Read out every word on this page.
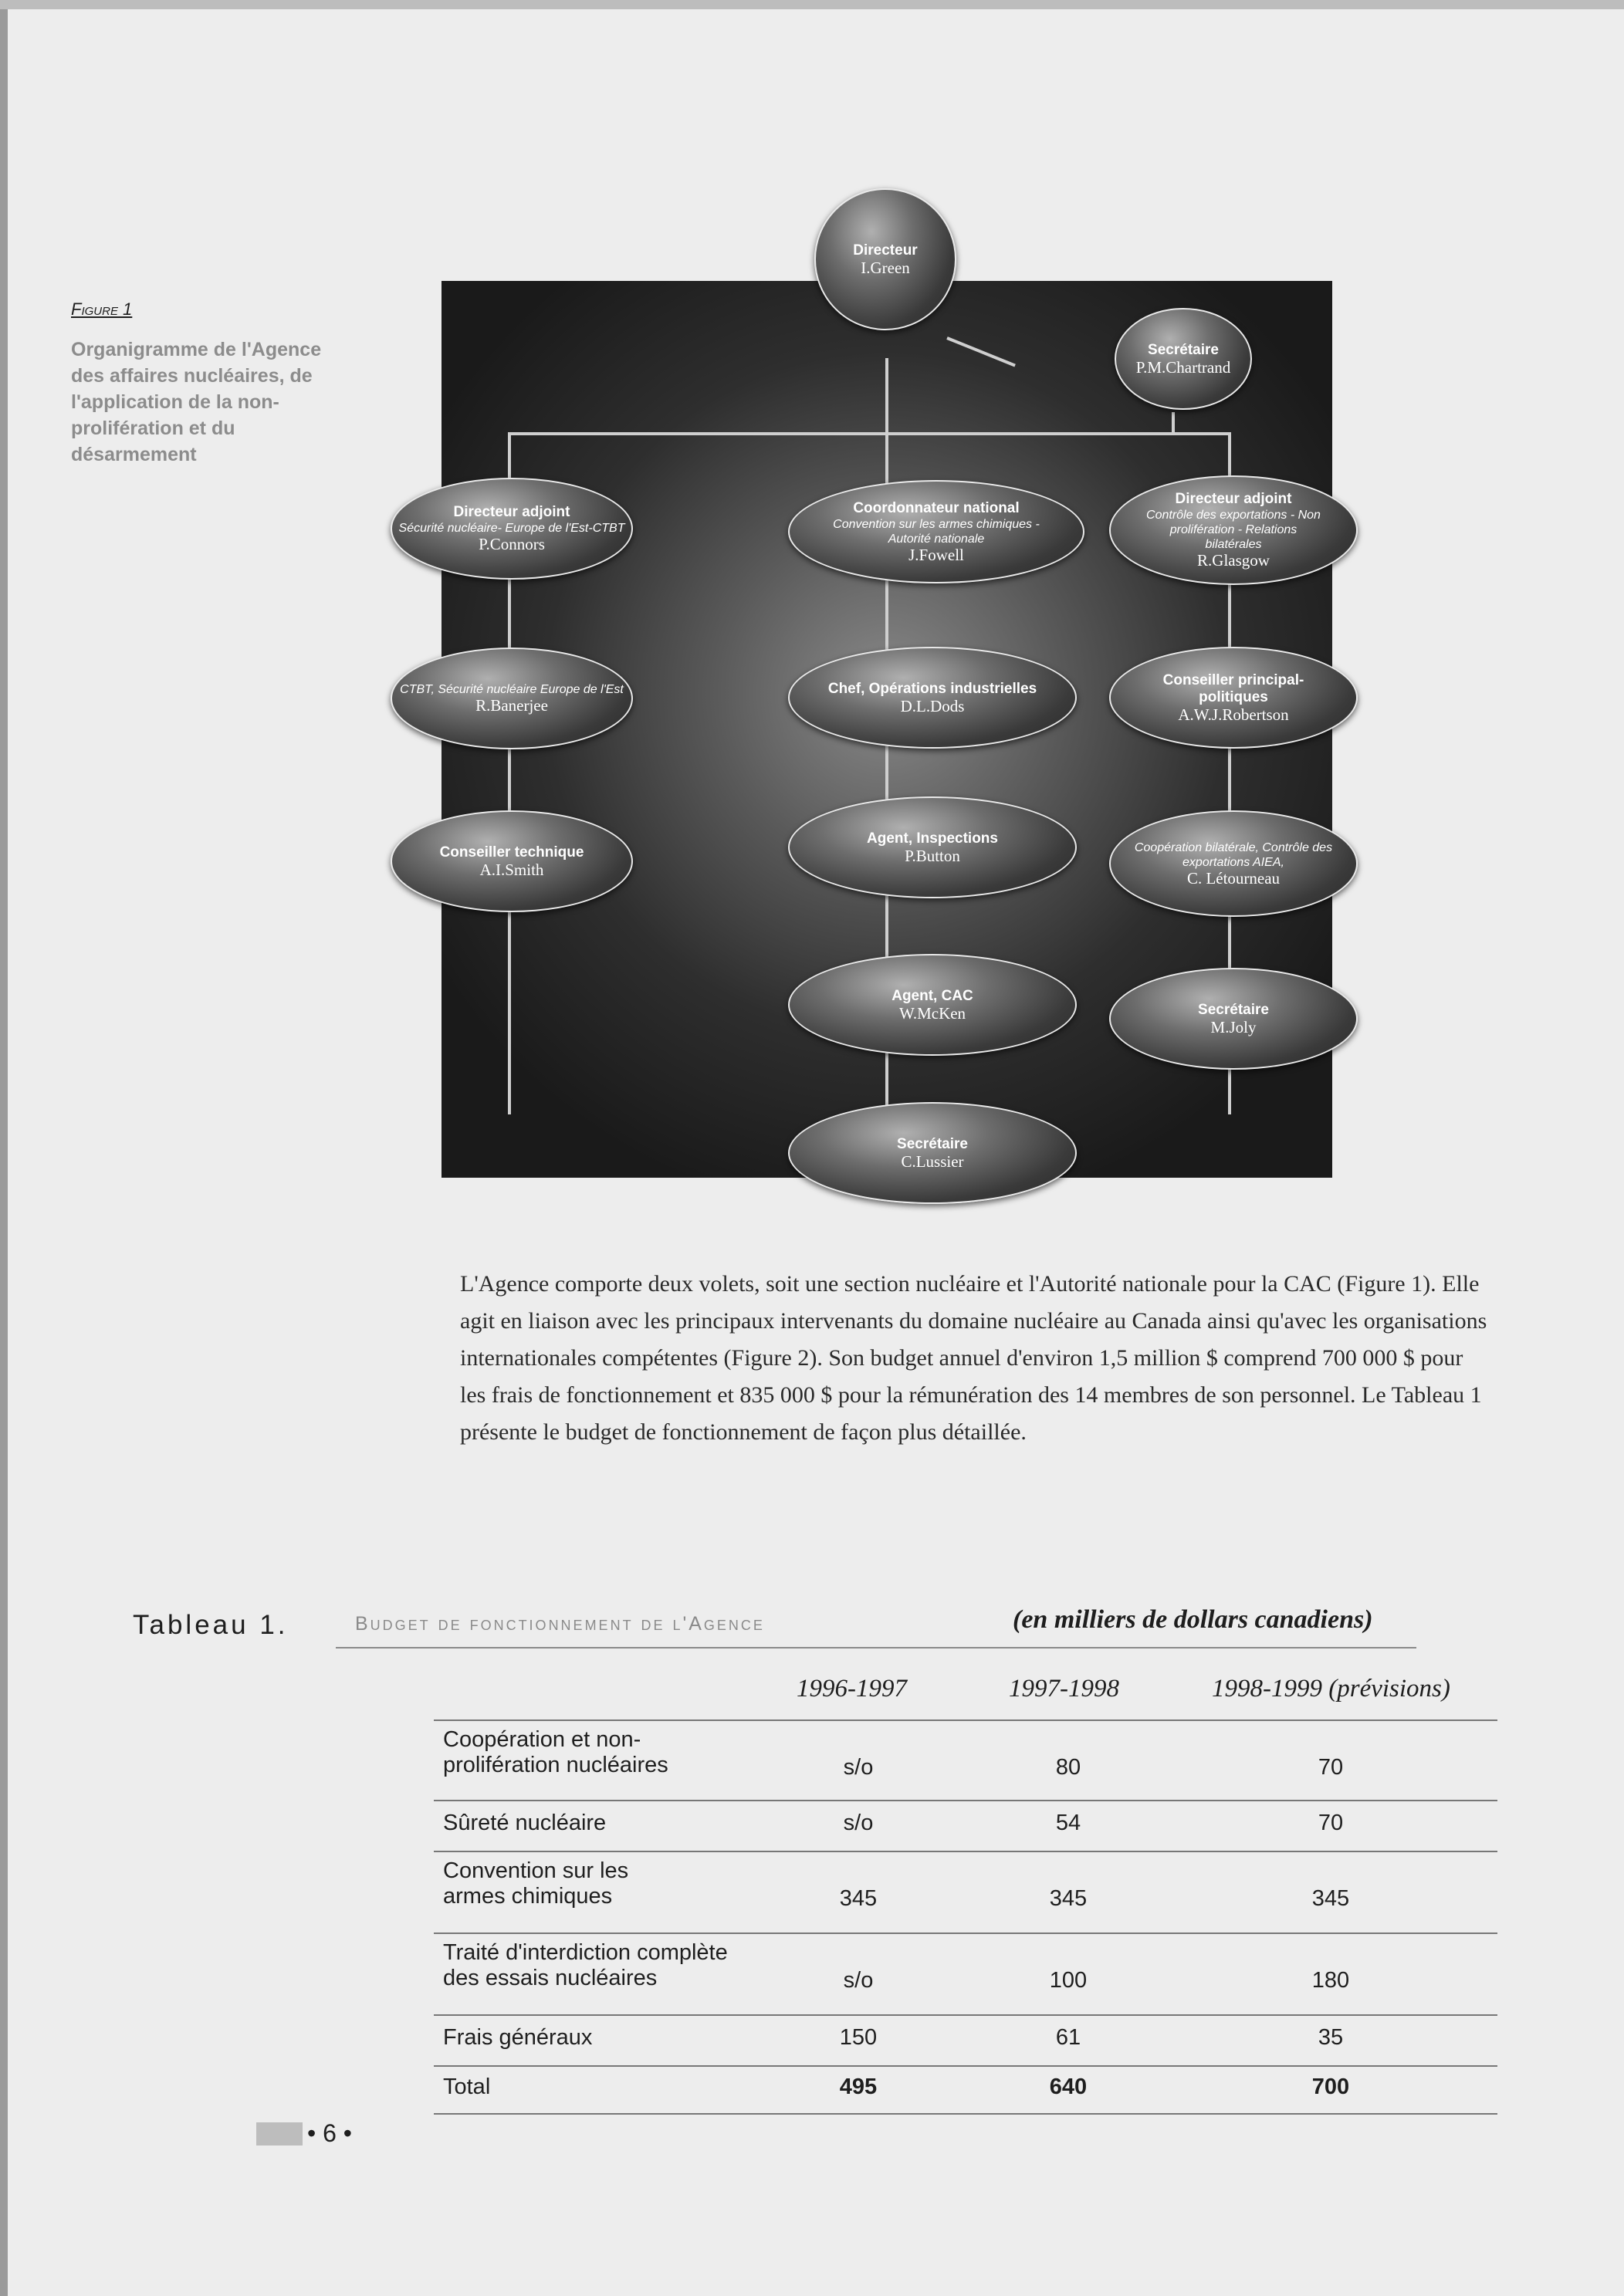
Figure 1
Organigramme de l'Agence des affaires nucléaires, de l'application de la non-prolifération et du désarmement
Directeur
I.Green
Secrétaire
P.M.Chartrand
Directeur adjoint
Sécurité nucléaire- Europe de l'Est-CTBT
P.Connors
CTBT, Sécurité nucléaire Europe de l'Est
R.Banerjee
Conseiller technique
A.I.Smith
Coordonnateur national
Convention sur les armes chimiques - Autorité nationale
J.Fowell
Chef, Opérations industrielles
D.L.Dods
Agent, Inspections
P.Button
Agent, CAC
W.McKen
Secrétaire
C.Lussier
Directeur adjoint
Contrôle des exportations - Non prolifération - Relations bilatérales
R.Glasgow
Conseiller principal-politiques
A.W.J.Robertson
Coopération bilatérale, Contrôle des exportations AIEA,
C. Létourneau
Secrétaire
M.Joly
L'Agence comporte deux volets, soit une section nucléaire et l'Autorité nationale pour la CAC (Figure 1). Elle agit en liaison avec les principaux intervenants du domaine nucléaire au Canada ainsi qu'avec les organisations internationales compétentes (Figure 2). Son budget annuel d'environ 1,5 million $ comprend 700 000 $ pour les frais de fonctionnement et 835 000 $ pour la rémunération des 14 membres de son personnel. Le Tableau 1 présente le budget de fonctionnement de façon plus détaillée.
Tableau 1.	Budget de fonctionnement de l'Agence	(en milliers de dollars canadiens)
1996-1997	1997-1998	1998-1999 (prévisions)
Coopération et non-
prolifération nucléaires	s/o	80	70
Sûreté nucléaire	s/o	54	70
Convention sur les
armes chimiques	345	345	345
Traité d'interdiction complète
des essais nucléaires	s/o	100	180
Frais généraux	150	61	35
Total	495	640	700
• 6 •
